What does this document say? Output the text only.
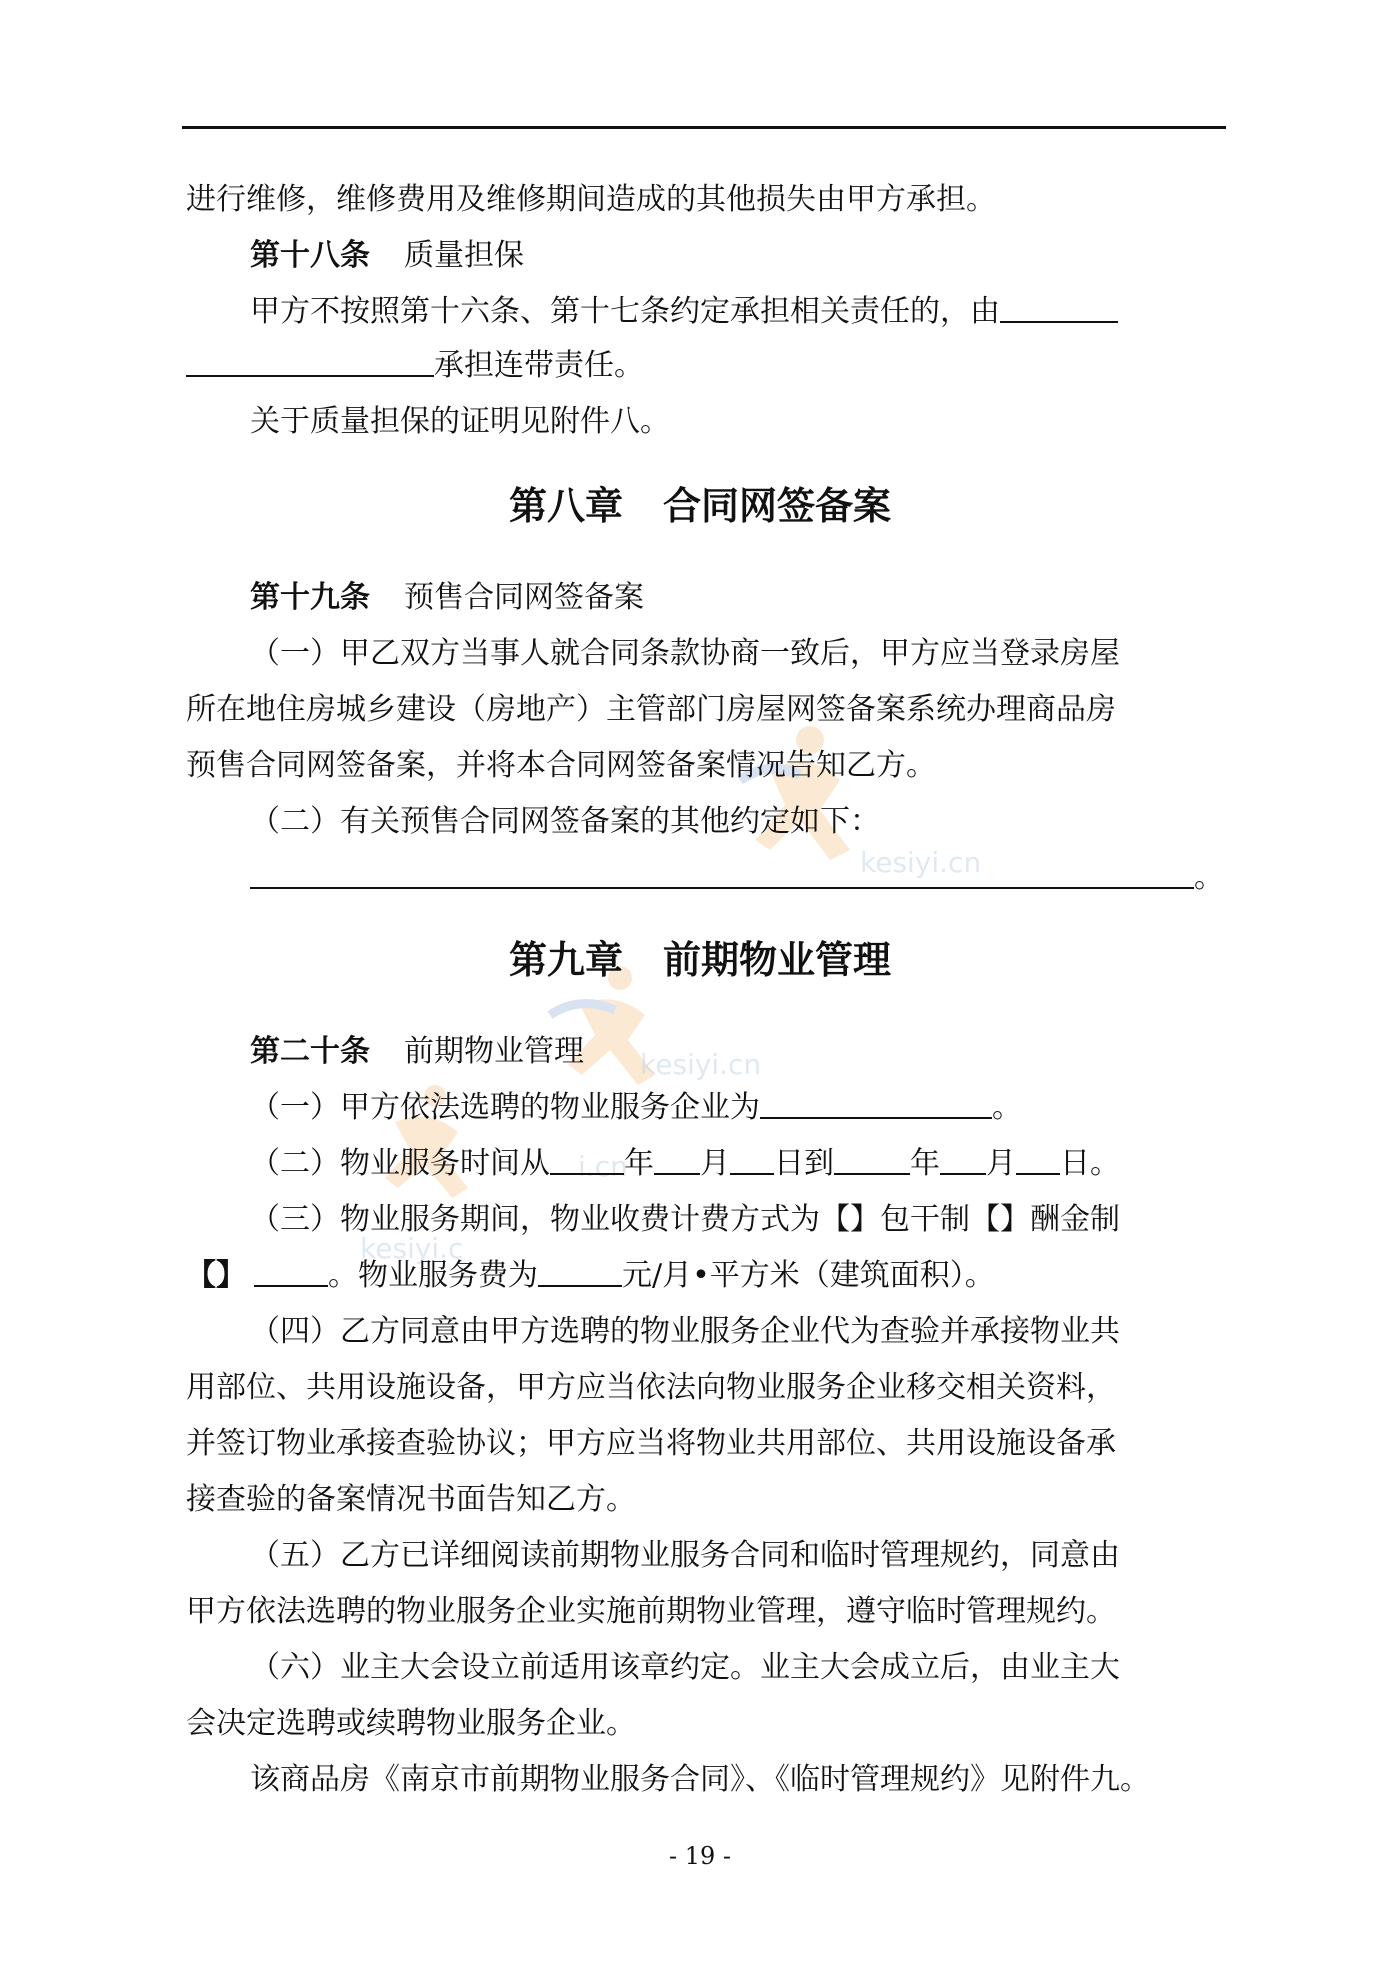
kesiyi.cn
kesiyi.cn
i.cn
kesiyi.c
进行维修，维修费用及维修期间造成的其他损失由甲方承担。
第十八条 质量担保
甲方不按照第十六条、第十七条约定承担相关责任的，由
承担连带责任。
关于质量担保的证明见附件八。
第八章 合同网签备案
第十九条 预售合同网签备案
（一）甲乙双方当事人就合同条款协商一致后，甲方应当登录房屋
所在地住房城乡建设（房地产）主管部门房屋网签备案系统办理商品房
预售合同网签备案，并将本合同网签备案情况告知乙方。
（二）有关预售合同网签备案的其他约定如下：
。
第九章 前期物业管理
第二十条 前期物业管理
（一）甲方依法选聘的物业服务企业为	。
（二）物业服务时间从 年 月 日到	年 月 日。
（三）物业服务期间，物业收费计费方式为【】包干制【】酬金制
【】	。物业服务费为	元/月•平方米（建筑面积）。
（四）乙方同意由甲方选聘的物业服务企业代为查验并承接物业共
用部位、共用设施设备，甲方应当依法向物业服务企业移交相关资料，
并签订物业承接查验协议；甲方应当将物业共用部位、共用设施设备承
接查验的备案情况书面告知乙方。
（五）乙方已详细阅读前期物业服务合同和临时管理规约，同意由
甲方依法选聘的物业服务企业实施前期物业管理，遵守临时管理规约。
（六）业主大会设立前适用该章约定。业主大会成立后，由业主大
会决定选聘或续聘物业服务企业。
该商品房《南京市前期物业服务合同》、《临时管理规约》见附件九。
- 19 -
